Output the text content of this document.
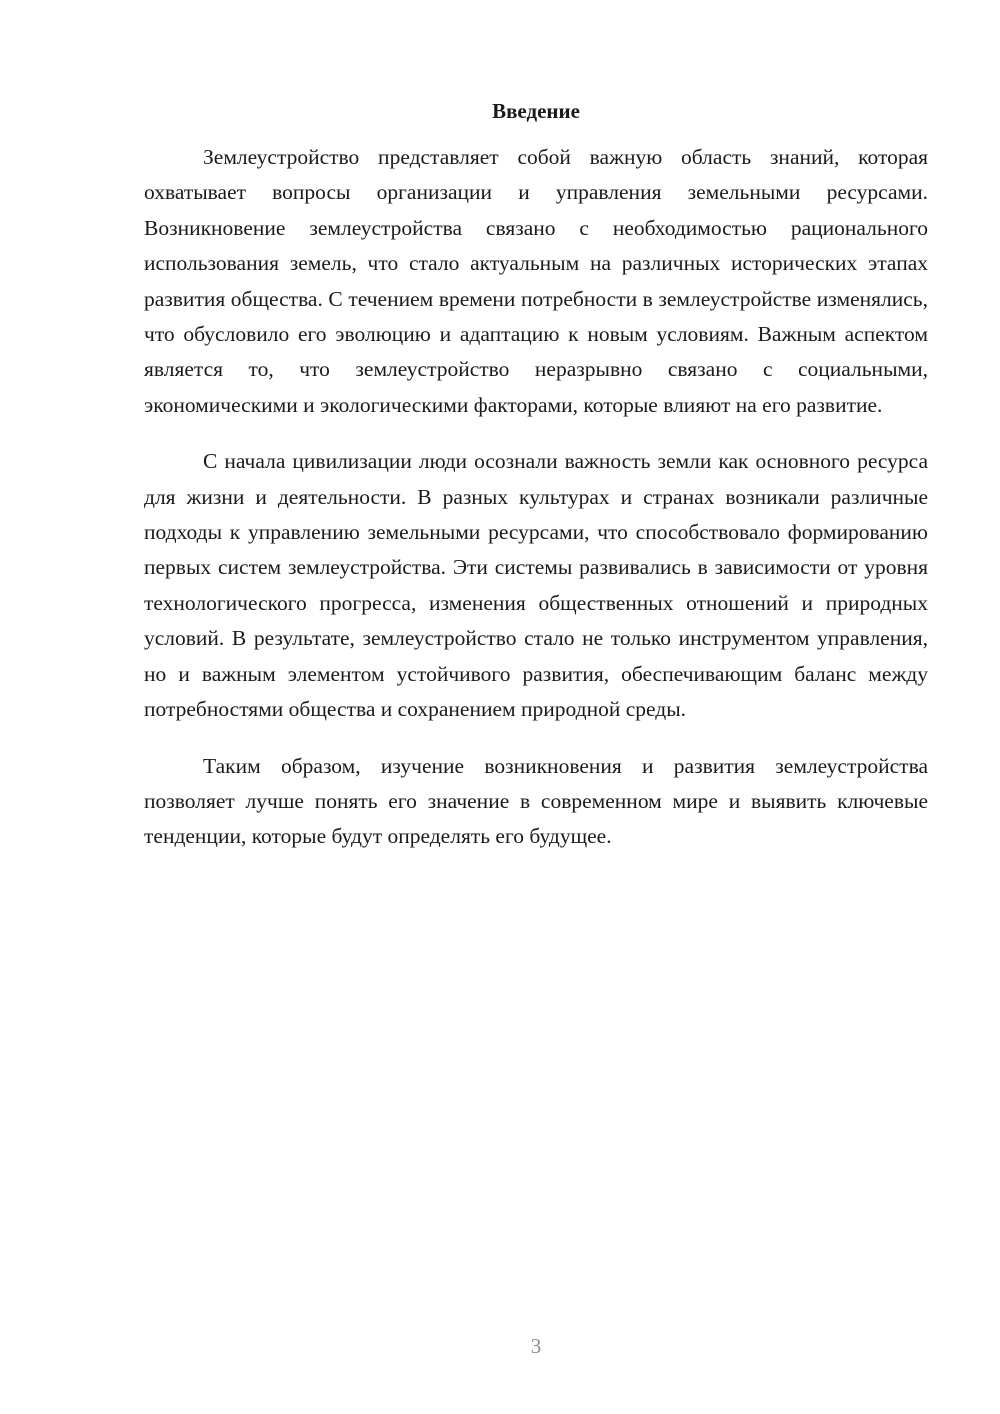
Введение

Землеустройство представляет собой важную область знаний, которая охватывает вопросы организации и управления земельными ресурсами. Возникновение землеустройства связано с необходимостью рационального использования земель, что стало актуальным на различных исторических этапах развития общества. С течением времени потребности в землеустройстве изменялись, что обусловило его эволюцию и адаптацию к новым условиям. Важным аспектом является то, что землеустройство неразрывно связано с социальными, экономическими и экологическими факторами, которые влияют на его развитие.

С начала цивилизации люди осознали важность земли как основного ресурса для жизни и деятельности. В разных культурах и странах возникали различные подходы к управлению земельными ресурсами, что способствовало формированию первых систем землеустройства. Эти системы развивались в зависимости от уровня технологического прогресса, изменения общественных отношений и природных условий. В результате, землеустройство стало не только инструментом управления, но и важным элементом устойчивого развития, обеспечивающим баланс между потребностями общества и сохранением природной среды.

Таким образом, изучение возникновения и развития землеустройства позволяет лучше понять его значение в современном мире и выявить ключевые тенденции, которые будут определять его будущее.

3
